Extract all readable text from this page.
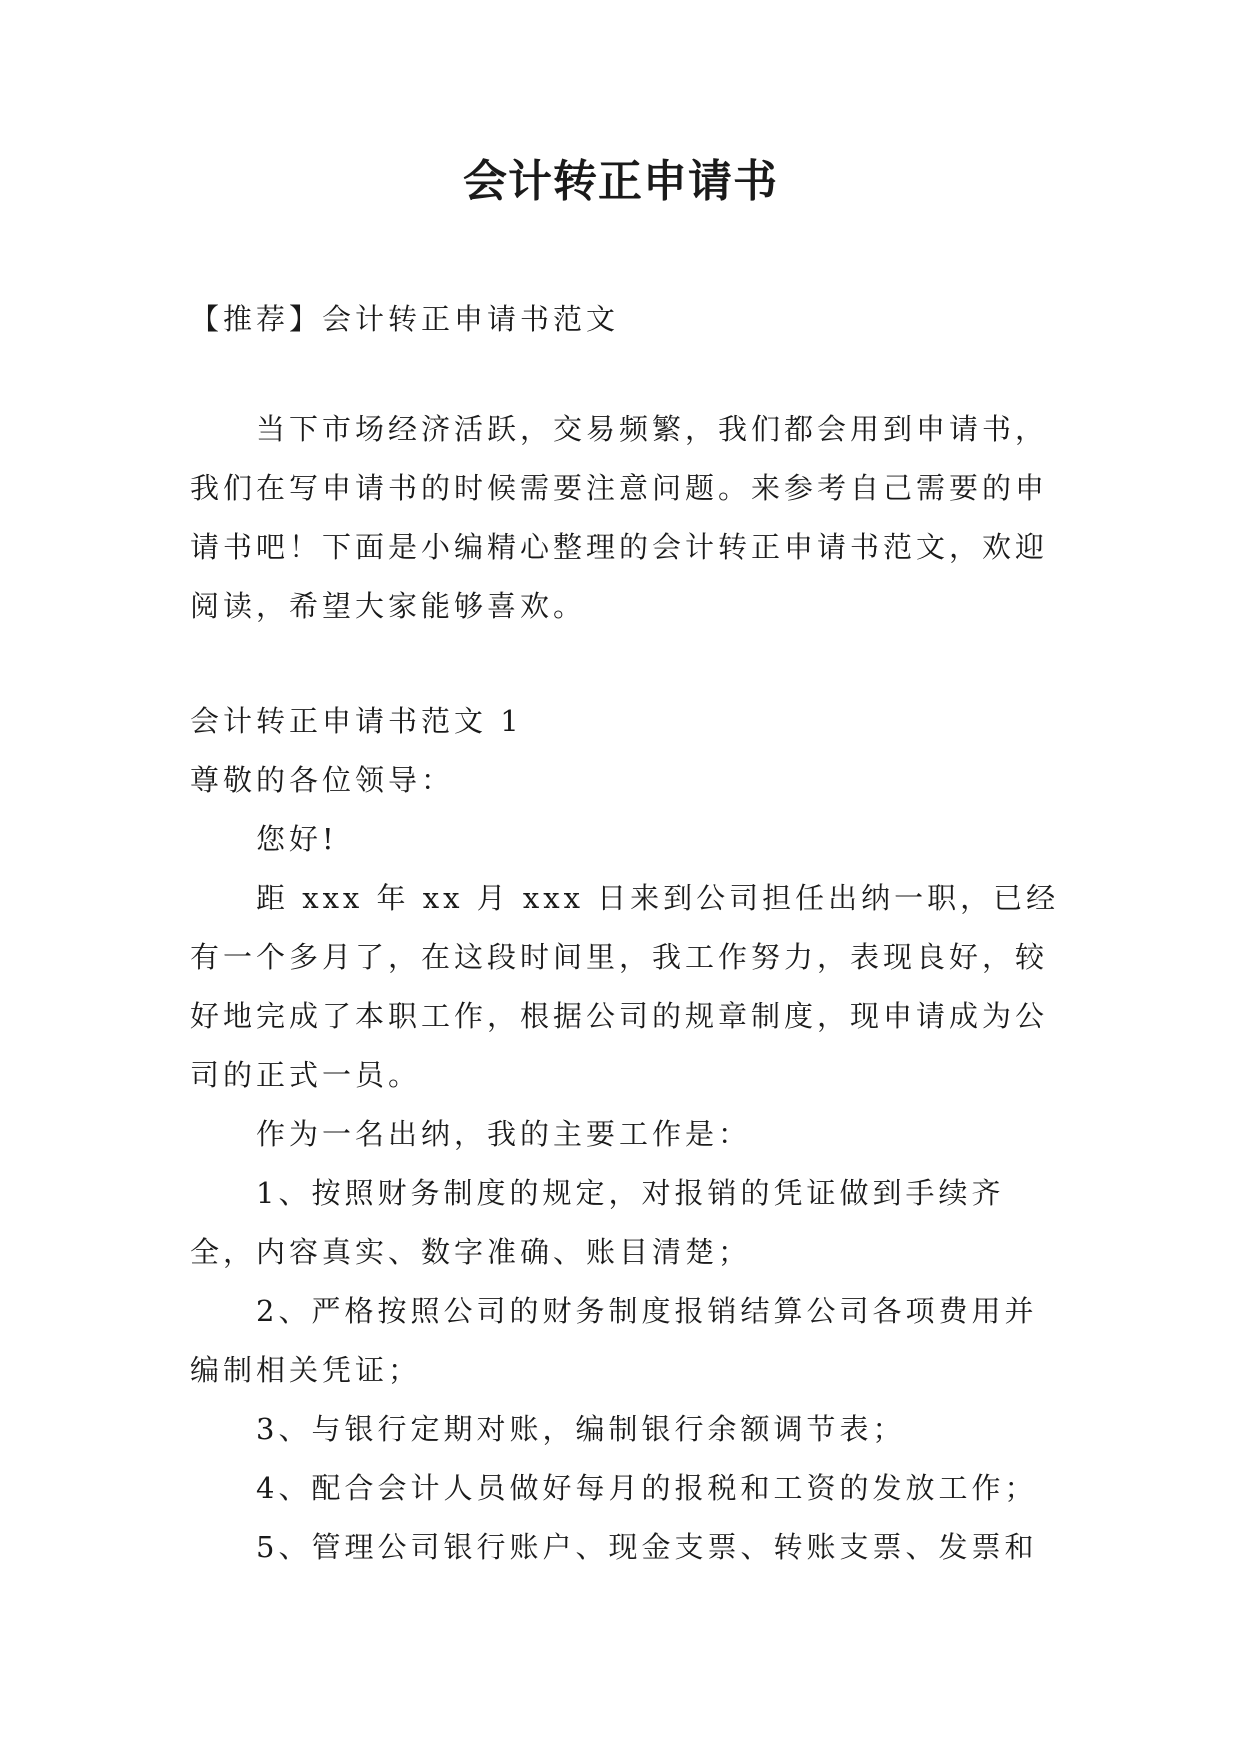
会计转正申请书

【推荐】会计转正申请书范文

当下市场经济活跃，交易频繁，我们都会用到申请书，我们在写申请书的时候需要注意问题。来参考自己需要的申请书吧！下面是小编精心整理的会计转正申请书范文，欢迎阅读，希望大家能够喜欢。

会计转正申请书范文 1

尊敬的各位领导：

您好!

距 xxx 年 xx 月 xxx 日来到公司担任出纳一职，已经有一个多月了，在这段时间里，我工作努力，表现良好，较好地完成了本职工作，根据公司的规章制度，现申请成为公司的正式一员。

作为一名出纳，我的主要工作是：

1、按照财务制度的规定，对报销的凭证做到手续齐全，内容真实、数字准确、账目清楚；

2、严格按照公司的财务制度报销结算公司各项费用并编制相关凭证；

3、与银行定期对账，编制银行余额调节表；

4、配合会计人员做好每月的报税和工资的发放工作；

5、管理公司银行账户、现金支票、转账支票、发票和
